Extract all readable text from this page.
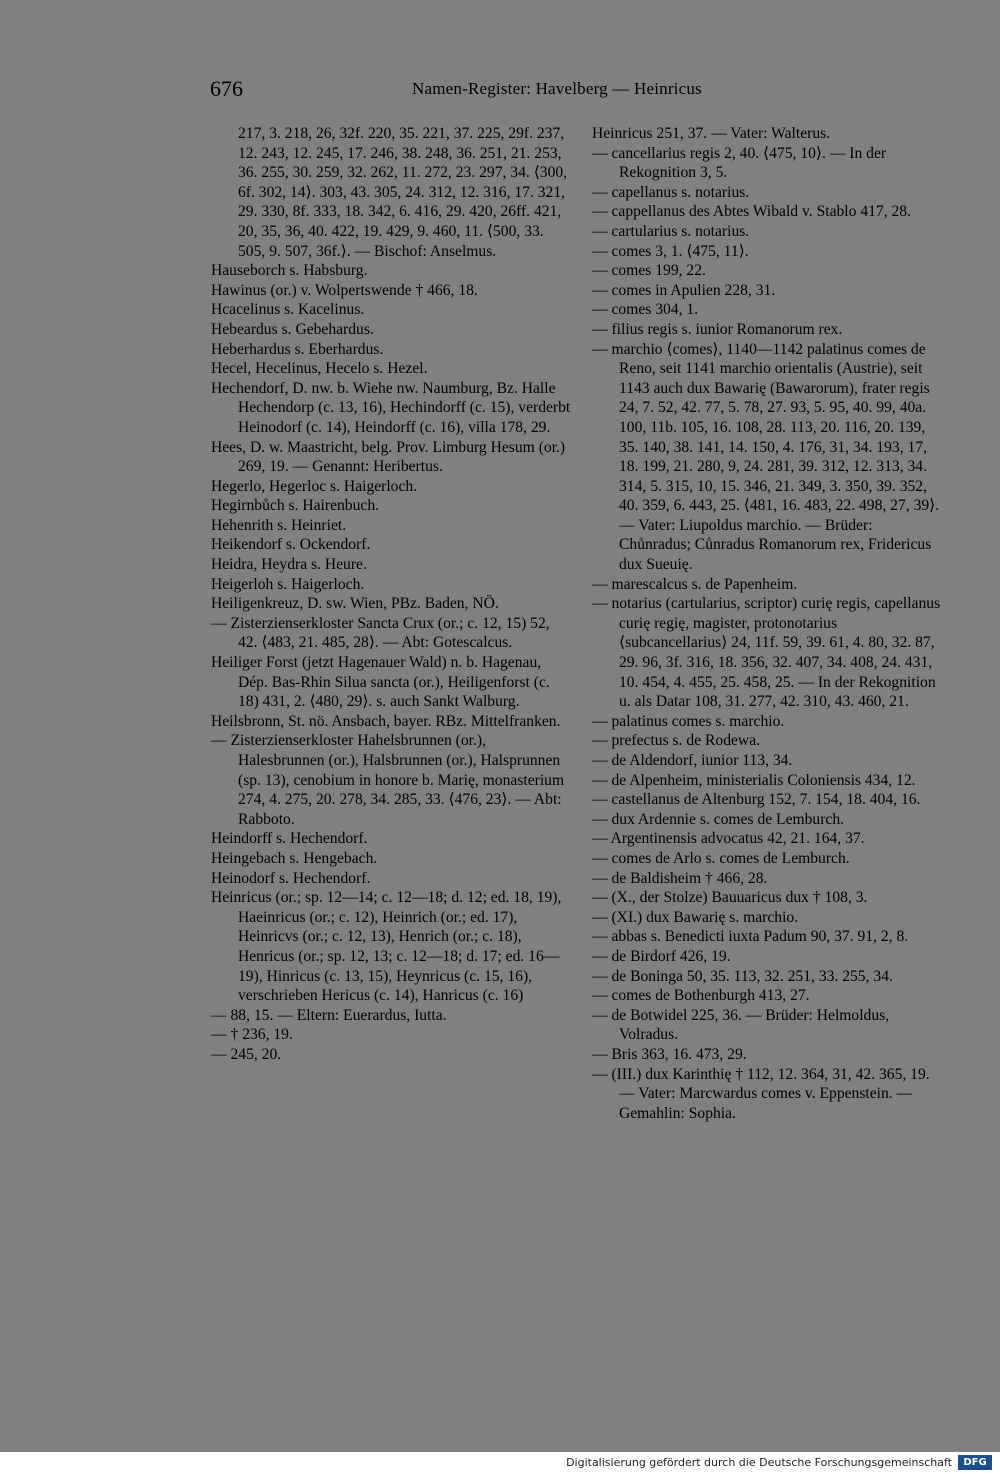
676	Namen-Register: Havelberg — Heinricus

217, 3. 218, 26, 32f. 220, 35. 221, 37. 225, 29f. 237, 12. 243, 12. 245, 17. 246, 38. 248, 36. 251, 21. 253, 36. 255, 30. 259, 32. 262, 11. 272, 23. 297, 34. ⟨300, 6f. 302, 14⟩. 303, 43. 305, 24. 312, 12. 316, 17. 321, 29. 330, 8f. 333, 18. 342, 6. 416, 29. 420, 26ff. 421, 20, 35, 36, 40. 422, 19. 429, 9. 460, 11. ⟨500, 33. 505, 9. 507, 36f.⟩. — Bischof: Anselmus.

Hauseborch s. Habsburg.

Hawinus (or.) v. Wolpertswende † 466, 18.

Hcacelinus s. Kacelinus.

Hebeardus s. Gebehardus.

Heberhardus s. Eberhardus.

Hecel, Hecelinus, Hecelo s. Hezel.

Hechendorf, D. nw. b. Wiehe nw. Naumburg, Bz. Halle Hechendorp (c. 13, 16), Hechindorff (c. 15), verderbt Heinodorf (c. 14), Heindorff (c. 16), villa 178, 29.

Hees, D. w. Maastricht, belg. Prov. Limburg Hesum (or.) 269, 19. — Genannt: Heribertus.

Hegerlo, Hegerloc s. Haigerloch.

Hegirnbůch s. Hairenbuch.

Hehenrith s. Heinriet.

Heikendorf s. Ockendorf.

Heidra, Heydra s. Heure.

Heigerloh s. Haigerloch.

Heiligenkreuz, D. sw. Wien, PBz. Baden, NÖ.

— Zisterzienserkloster Sancta Crux (or.; c. 12, 15) 52, 42. ⟨483, 21. 485, 28⟩. — Abt: Gotescalcus.

Heiliger Forst (jetzt Hagenauer Wald) n. b. Hagenau, Dép. Bas-Rhin Silua sancta (or.), Heiligenforst (c. 18) 431, 2. ⟨480, 29⟩. s. auch Sankt Walburg.

Heilsbronn, St. nö. Ansbach, bayer. RBz. Mittelfranken.

— Zisterzienserkloster Hahelsbrunnen (or.), Halesbrunnen (or.), Halsbrunnen (or.), Halsprunnen (sp. 13), cenobium in honore b. Marię, monasterium 274, 4. 275, 20. 278, 34. 285, 33. ⟨476, 23⟩. — Abt: Rabboto.

Heindorff s. Hechendorf.

Heingebach s. Hengebach.

Heinodorf s. Hechendorf.

Heinricus (or.; sp. 12—14; c. 12—18; d. 12; ed. 18, 19), Haeinricus (or.; c. 12), Heinrich (or.; ed. 17), Heinricvs (or.; c. 12, 13), Henrich (or.; c. 18), Henricus (or.; sp. 12, 13; c. 12—18; d. 17; ed. 16—19), Hinricus (c. 13, 15), Heynricus (c. 15, 16), verschrieben Hericus (c. 14), Hanricus (c. 16)

— 88, 15. — Eltern: Euerardus, Iutta.

— † 236, 19.

— 245, 20.

Heinricus 251, 37. — Vater: Walterus.

— cancellarius regis 2, 40. ⟨475, 10⟩. — In der Rekognition 3, 5.

— capellanus s. notarius.

— cappellanus des Abtes Wibald v. Stablo 417, 28.

— cartularius s. notarius.

— comes 3, 1. ⟨475, 11⟩.

— comes 199, 22.

— comes in Apulien 228, 31.

— comes 304, 1.

— filius regis s. iunior Romanorum rex.

— marchio ⟨comes⟩, 1140—1142 palatinus comes de Reno, seit 1141 marchio orientalis (Austrie), seit 1143 auch dux Bawarię (Bawarorum), frater regis 24, 7. 52, 42. 77, 5. 78, 27. 93, 5. 95, 40. 99, 40a. 100, 11b. 105, 16. 108, 28. 113, 20. 116, 20. 139, 35. 140, 38. 141, 14. 150, 4. 176, 31, 34. 193, 17, 18. 199, 21. 280, 9, 24. 281, 39. 312, 12. 313, 34. 314, 5. 315, 10, 15. 346, 21. 349, 3. 350, 39. 352, 40. 359, 6. 443, 25. ⟨481, 16. 483, 22. 498, 27, 39⟩. — Vater: Liupoldus marchio. — Brüder: Chůnradus; Cůnradus Romanorum rex, Fridericus dux Sueuię.

— marescalcus s. de Papenheim.

— notarius (cartularius, scriptor) curię regis, capellanus curię regię, magister, protonotarius ⟨subcancellarius⟩ 24, 11f. 59, 39. 61, 4. 80, 32. 87, 29. 96, 3f. 316, 18. 356, 32. 407, 34. 408, 24. 431, 10. 454, 4. 455, 25. 458, 25. — In der Rekognition u. als Datar 108, 31. 277, 42. 310, 43. 460, 21.

— palatinus comes s. marchio.

— prefectus s. de Rodewa.

— de Aldendorf, iunior 113, 34.

— de Alpenheim, ministerialis Coloniensis 434, 12.

— castellanus de Altenburg 152, 7. 154, 18. 404, 16.

— dux Ardennie s. comes de Lemburch.

— Argentinensis advocatus 42, 21. 164, 37.

— comes de Arlo s. comes de Lemburch.

— de Baldisheim † 466, 28.

— (X., der Stolze) Bauuaricus dux † 108, 3.

— (XI.) dux Bawarię s. marchio.

— abbas s. Benedicti iuxta Padum 90, 37. 91, 2, 8.

— de Birdorf 426, 19.

— de Boninga 50, 35. 113, 32. 251, 33. 255, 34.

— comes de Bothenburgh 413, 27.

— de Botwidel 225, 36. — Brüder: Helmoldus, Volradus.

— Bris 363, 16. 473, 29.

— (III.) dux Karinthię † 112, 12. 364, 31, 42. 365, 19. — Vater: Marcwardus comes v. Eppenstein. — Gemahlin: Sophia.

Digitalisierung gefördert durch die Deutsche Forschungsgemeinschaft	DFG
